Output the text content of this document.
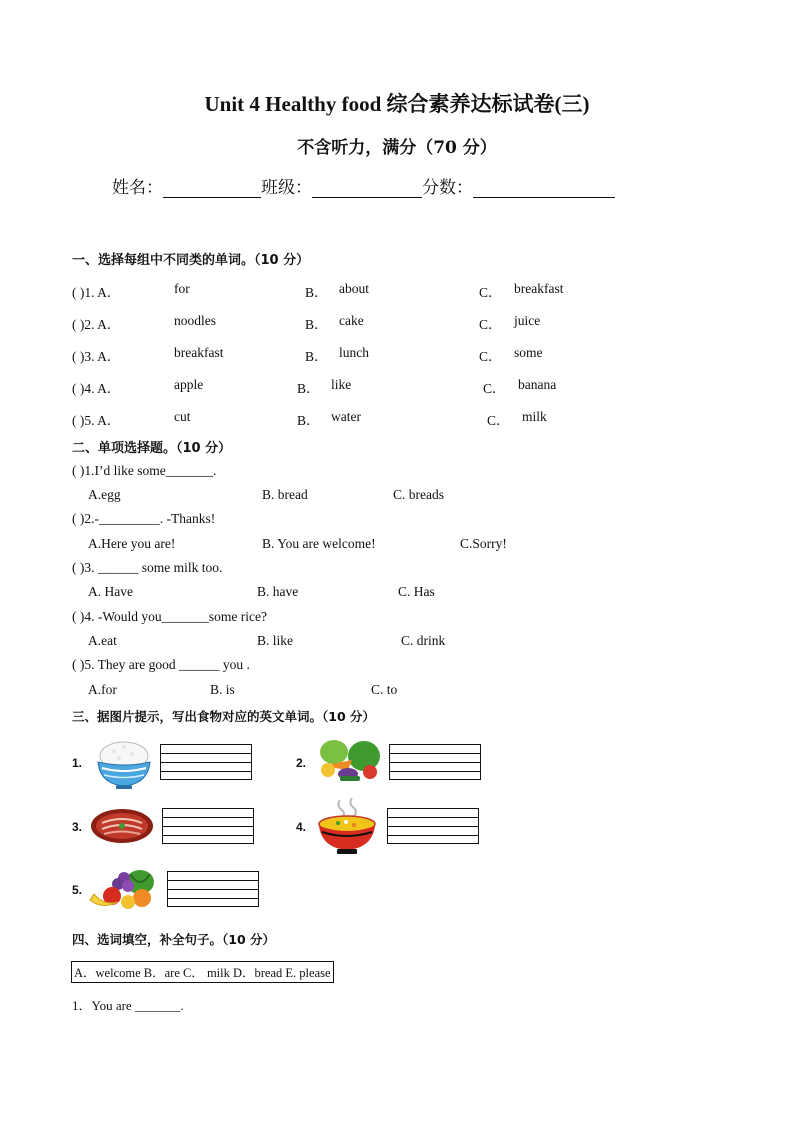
Unit 4 Healthy food 综合素养达标试卷(三)
不含听力，满分（70 分）
姓名：	班级：	分数：
一、选择每组中不同类的单词。（10 分）
( )1. A．	for	B． about	C． breakfast
( )2. A．	noodles	B． cake	C． juice
( )3. A．	breakfast	B． lunch	C． some
( )4. A．	apple	B． like	C． banana
( )5. A．	cut	B． water	C． milk
二、单项选择题。（10 分）
( )1.I’d like some_______.
A.egg	B. bread	C. breads
( )2.-_________. -Thanks!
A.Here you are!	B. You are welcome!	C.Sorry!
( )3. ______ some milk too.
A. Have	B. have	C. Has
( )4. -Would you_______some rice?
A.eat	B. like	C. drink
( )5. They are good ______ you .
A.for	B. is	C. to
三、据图片提示，写出食物对应的英文单词。（10 分）
1.	2.
3.	4.
5.
四、选词填空，补全句子。（10 分）
A．welcome B．are C． milk D．bread E. please
1．You are _______.
